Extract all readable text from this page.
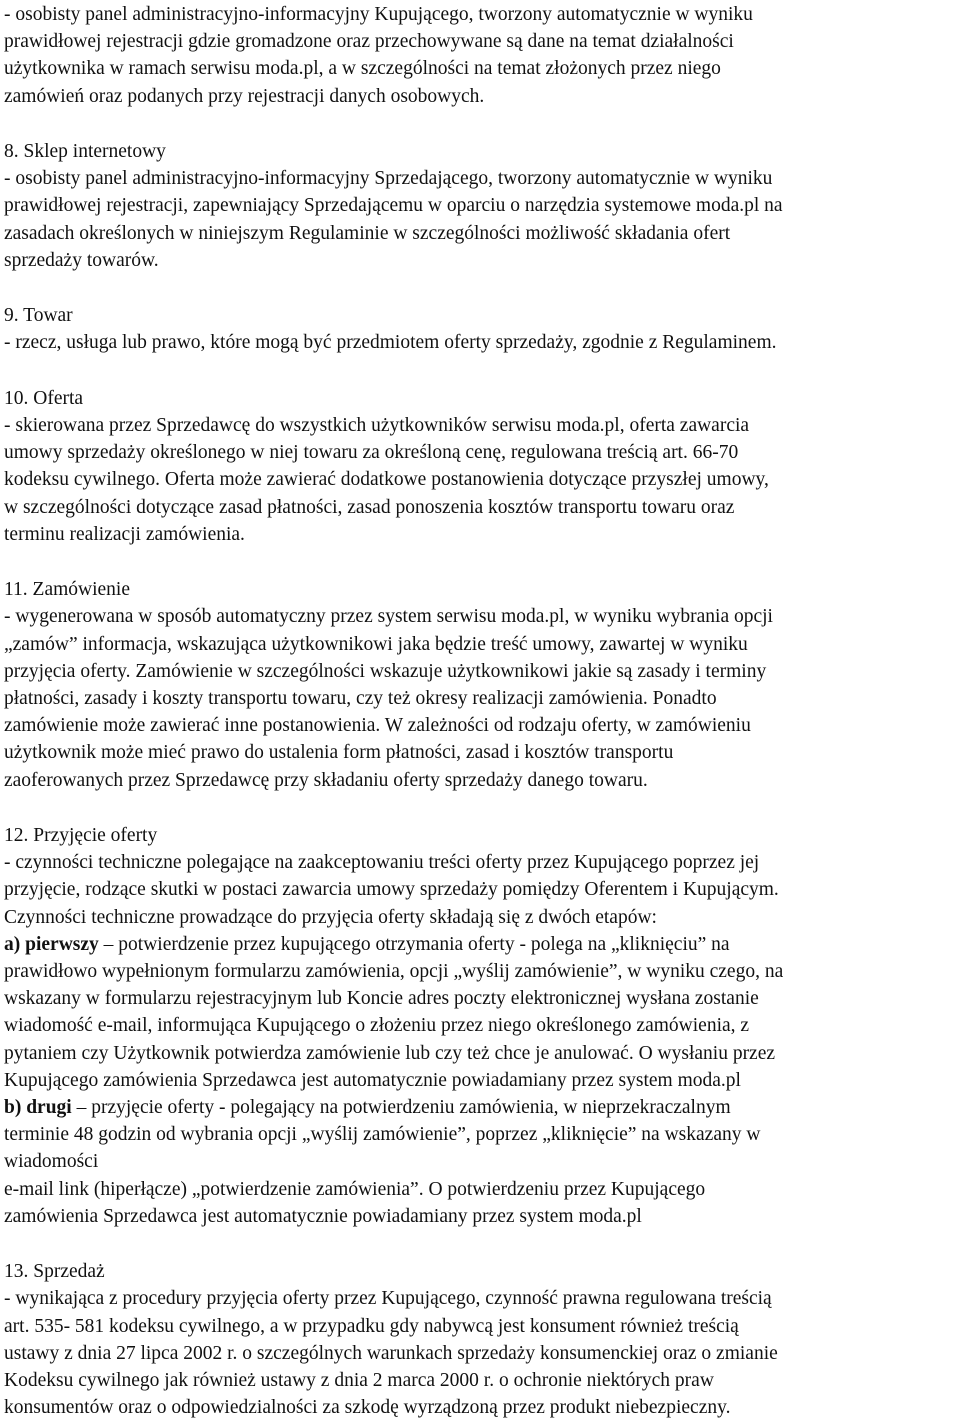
- osobisty panel administracyjno-informacyjny Kupującego, tworzony automatycznie w wyniku
prawidłowej rejestracji gdzie gromadzone oraz przechowywane są dane na temat działalności
użytkownika w ramach serwisu moda.pl, a w szczególności na temat złożonych przez niego
zamówień oraz podanych przy rejestracji danych osobowych.
8. Sklep internetowy
- osobisty panel administracyjno-informacyjny Sprzedającego, tworzony automatycznie w wyniku
prawidłowej rejestracji, zapewniający Sprzedającemu w oparciu o narzędzia systemowe moda.pl na
zasadach określonych w niniejszym Regulaminie w szczególności możliwość składania ofert
sprzedaży towarów.
9. Towar
- rzecz, usługa lub prawo, które mogą być przedmiotem oferty sprzedaży, zgodnie z Regulaminem.
10. Oferta
- skierowana przez Sprzedawcę do wszystkich użytkowników serwisu moda.pl, oferta zawarcia
umowy sprzedaży określonego w niej towaru za określoną cenę, regulowana treścią art. 66-70
kodeksu cywilnego. Oferta może zawierać dodatkowe postanowienia dotyczące przyszłej umowy,
w szczególności dotyczące zasad płatności, zasad ponoszenia kosztów transportu towaru oraz
terminu realizacji zamówienia.
11. Zamówienie
- wygenerowana w sposób automatyczny przez system serwisu moda.pl, w wyniku wybrania opcji
„zamów” informacja, wskazująca użytkownikowi jaka będzie treść umowy, zawartej w wyniku
przyjęcia oferty. Zamówienie w szczególności wskazuje użytkownikowi jakie są zasady i terminy
płatności, zasady i koszty transportu towaru, czy też okresy realizacji zamówienia. Ponadto
zamówienie może zawierać inne postanowienia. W zależności od rodzaju oferty, w zamówieniu
użytkownik może mieć prawo do ustalenia form płatności, zasad i kosztów transportu
zaoferowanych przez Sprzedawcę przy składaniu oferty sprzedaży danego towaru.
12. Przyjęcie oferty
- czynności techniczne polegające na zaakceptowaniu treści oferty przez Kupującego poprzez jej
przyjęcie, rodzące skutki w postaci zawarcia umowy sprzedaży pomiędzy Oferentem i Kupującym.
Czynności techniczne prowadzące do przyjęcia oferty składają się z dwóch etapów:
a) pierwszy – potwierdzenie przez kupującego otrzymania oferty - polega na „kliknięciu” na
prawidłowo wypełnionym formularzu zamówienia, opcji „wyślij zamówienie”, w wyniku czego, na
wskazany w formularzu rejestracyjnym lub Koncie adres poczty elektronicznej wysłana zostanie
wiadomość e-mail, informująca Kupującego o złożeniu przez niego określonego zamówienia, z
pytaniem czy Użytkownik potwierdza zamówienie lub czy też chce je anulować. O wysłaniu przez
Kupującego zamówienia Sprzedawca jest automatycznie powiadamiany przez system moda.pl
b) drugi – przyjęcie oferty - polegający na potwierdzeniu zamówienia, w nieprzekraczalnym
terminie 48 godzin od wybrania opcji „wyślij zamówienie”, poprzez „kliknięcie” na wskazany w
wiadomości
e-mail link (hiperłącze) „potwierdzenie zamówienia”. O potwierdzeniu przez Kupującego
zamówienia Sprzedawca jest automatycznie powiadamiany przez system moda.pl
13. Sprzedaż
- wynikająca z procedury przyjęcia oferty przez Kupującego, czynność prawna regulowana treścią
art. 535- 581 kodeksu cywilnego, a w przypadku gdy nabywcą jest konsument również treścią
ustawy z dnia 27 lipca 2002 r. o szczególnych warunkach sprzedaży konsumenckiej oraz o zmianie
Kodeksu cywilnego jak również ustawy z dnia 2 marca 2000 r. o ochronie niektórych praw
konsumentów oraz o odpowiedzialności za szkodę wyrządzoną przez produkt niebezpieczny.
